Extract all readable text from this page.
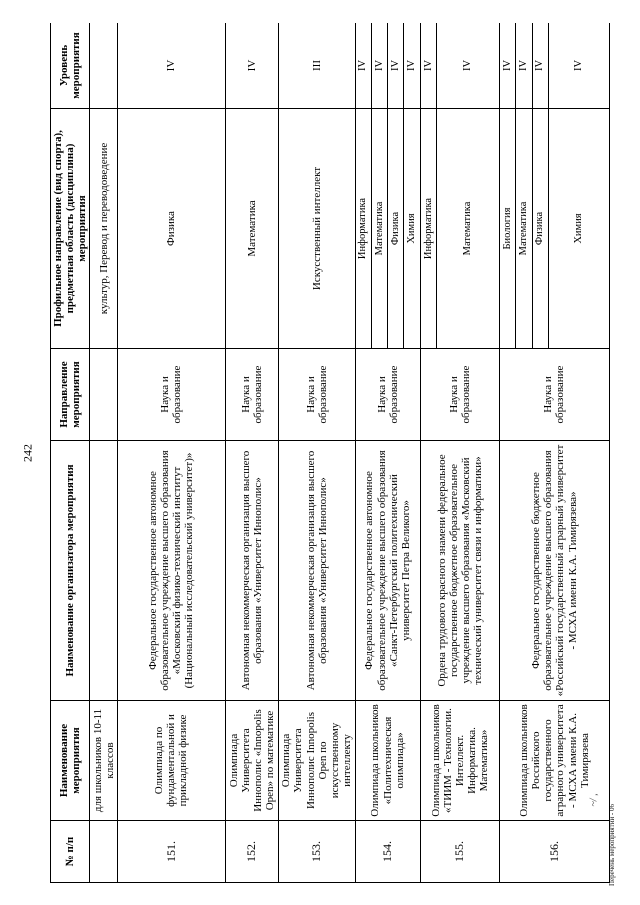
242
Перечень мероприятий - 06
~/ ,
№ п/п	Наименование мероприятия	Наименование организатора мероприятия	Направление мероприятия	Профильное направление (вид спорта), предметная область (дисциплина) мероприятия	Уровень мероприятия
	для школьников 10-11 классов			культур, Перевод и переводоведение	
151.	Олимпиада по фундаментальной и прикладной физике	Федеральное государственное автономное образовательное учреждение высшего образования «Московский физико-технический институт (Национальный исследовательский университет)»	Наука и образование	Физика	IV
152.	Олимпиада Университета Иннополис «Innopolis Open» по математике	Автономная некоммерческая организация высшего образования «Университет Иннополис»	Наука и образование	Математика	IV
153.	Олимпиада Университета Иннополис Innopolis Open по искусственному интеллекту	Автономная некоммерческая организация высшего образования «Университет Иннополис»	Наука и образование	Искусственный интеллект	III
154.	Олимпиада школьников «Политехническая олимпиада»	Федеральное государственное автономное образовательное учреждение высшего образования «Санкт-Петербургский политехнический университет Петра Великого»	Наука и образование	Информатика	IV
				Математика	IV
				Физика	IV
				Химия	IV
155.	Олимпиада школьников «ТИИМ - Технологии. Интеллект. Информатика. Математика»	Ордена трудового красного знамени федеральное государственное бюджетное образовательное учреждение высшего образования «Московский технический университет связи и информатики»	Наука и образование	Информатика	IV
				Математика	IV
156.	Олимпиада школьников Российского государственного аграрного университета - МСХА имени К.А. Тимирязева	Федеральное государственное бюджетное образовательное учреждение высшего образования «Российский государственный аграрный университет - МСХА имени К.А. Тимирязева»	Наука и образование	Биология	IV
				Математика	IV
				Физика	IV
				Химия	IV
